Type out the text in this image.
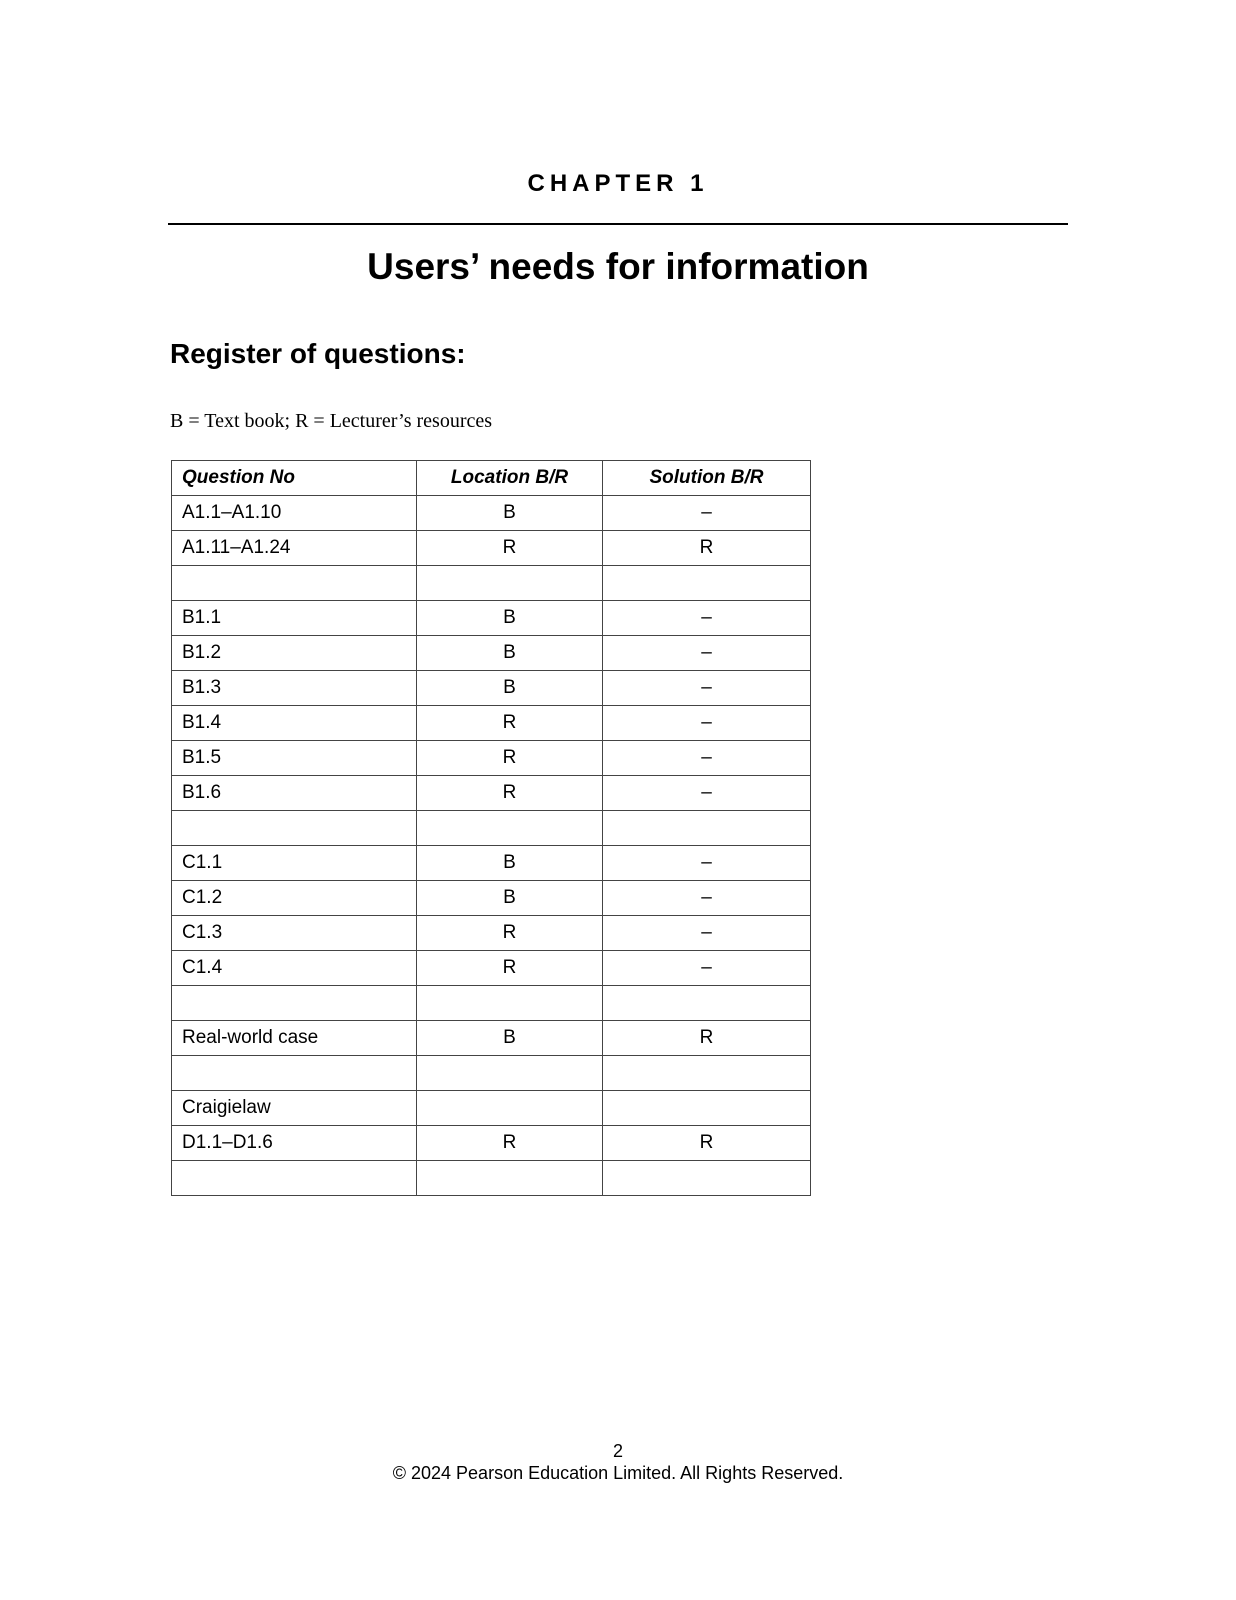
CHAPTER 1
Users’ needs for information
Register of questions:
B = Text book; R = Lecturer’s resources
Question No	Location B/R	Solution B/R
A1.1–A1.10	B	–
A1.11–A1.24	R	R

B1.1	B	–
B1.2	B	–
B1.3	B	–
B1.4	R	–
B1.5	R	–
B1.6	R	–

C1.1	B	–
C1.2	B	–
C1.3	R	–
C1.4	R	–

Real-world case	B	R

Craigielaw		
D1.1–D1.6	R	R

2
© 2024 Pearson Education Limited. All Rights Reserved.
